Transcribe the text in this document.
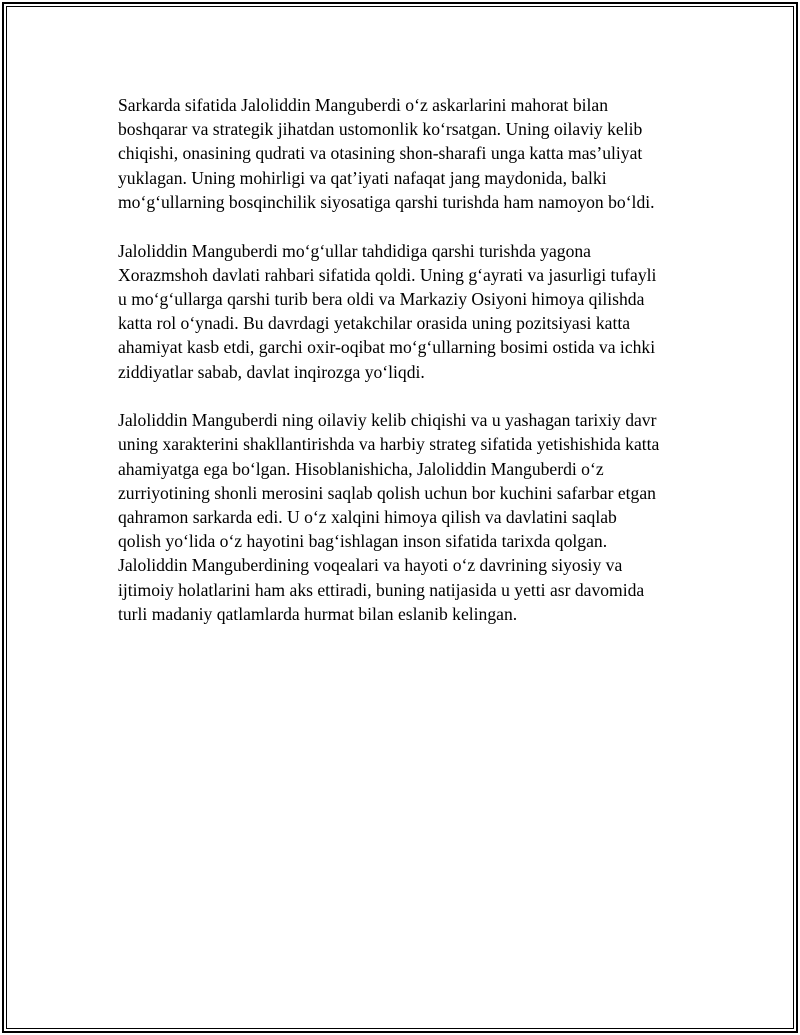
Sarkarda sifatida Jaloliddin Manguberdi o‘z askarlarini mahorat bilan
boshqarar va strategik jihatdan ustomonlik ko‘rsatgan. Uning oilaviy kelib
chiqishi, onasining qudrati va otasining shon-sharafi unga katta mas’uliyat
yuklagan. Uning mohirligi va qat’iyati nafaqat jang maydonida, balki
mo‘g‘ullarning bosqinchilik siyosatiga qarshi turishda ham namoyon bo‘ldi.

Jaloliddin Manguberdi mo‘g‘ullar tahdidiga qarshi turishda yagona
Xorazmshoh davlati rahbari sifatida qoldi. Uning g‘ayrati va jasurligi tufayli
u mo‘g‘ullarga qarshi turib bera oldi va Markaziy Osiyoni himoya qilishda
katta rol o‘ynadi. Bu davrdagi yetakchilar orasida uning pozitsiyasi katta
ahamiyat kasb etdi, garchi oxir-oqibat mo‘g‘ullarning bosimi ostida va ichki
ziddiyatlar sabab, davlat inqirozga yo‘liqdi.

Jaloliddin Manguberdi ning oilaviy kelib chiqishi va u yashagan tarixiy davr
uning xarakterini shakllantirishda va harbiy strateg sifatida yetishishida katta
ahamiyatga ega bo‘lgan. Hisoblanishicha, Jaloliddin Manguberdi o‘z
zurriyotining shonli merosini saqlab qolish uchun bor kuchini safarbar etgan
qahramon sarkarda edi. U o‘z xalqini himoya qilish va davlatini saqlab
qolish yo‘lida o‘z hayotini bag‘ishlagan inson sifatida tarixda qolgan.
Jaloliddin Manguberdining voqealari va hayoti o‘z davrining siyosiy va
ijtimoiy holatlarini ham aks ettiradi, buning natijasida u yetti asr davomida
turli madaniy qatlamlarda hurmat bilan eslanib kelingan.
